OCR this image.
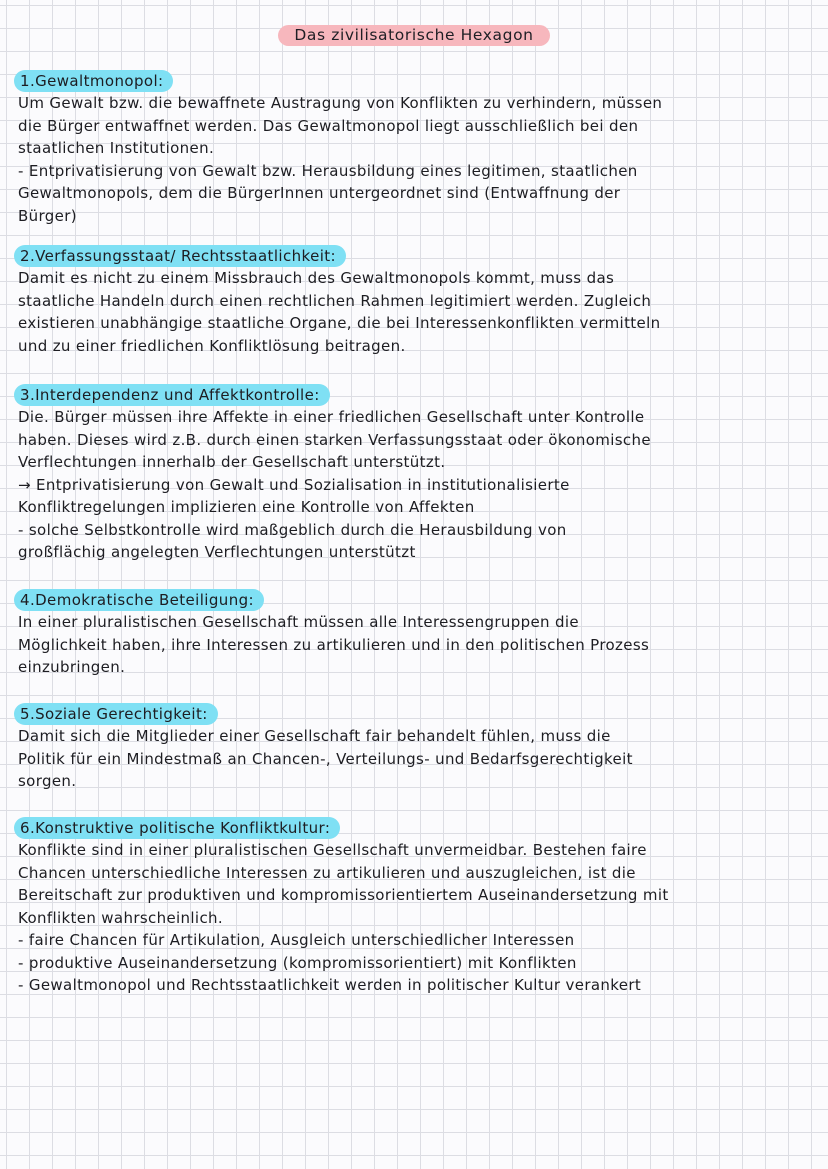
Das zivilisatorische Hexagon
1.Gewaltmonopol:
Um Gewalt bzw. die bewaffnete Austragung von Konflikten zu verhindern, müssen
die Bürger entwaffnet werden. Das Gewaltmonopol liegt ausschließlich bei den
staatlichen Institutionen.
- Entprivatisierung von Gewalt bzw. Herausbildung eines legitimen, staatlichen
Gewaltmonopols, dem die BürgerInnen untergeordnet sind (Entwaffnung der
Bürger)
2.Verfassungsstaat/ Rechtsstaatlichkeit:
Damit es nicht zu einem Missbrauch des Gewaltmonopols kommt, muss das
staatliche Handeln durch einen rechtlichen Rahmen legitimiert werden. Zugleich
existieren unabhängige staatliche Organe, die bei Interessenkonflikten vermitteln
und zu einer friedlichen Konfliktlösung beitragen.
3.Interdependenz und Affektkontrolle:
Die. Bürger müssen ihre Affekte in einer friedlichen Gesellschaft unter Kontrolle
haben. Dieses wird z.B. durch einen starken Verfassungsstaat oder ökonomische
Verflechtungen innerhalb der Gesellschaft unterstützt.
→ Entprivatisierung von Gewalt und Sozialisation in institutionalisierte
Konfliktregelungen implizieren eine Kontrolle von Affekten
- solche Selbstkontrolle wird maßgeblich durch die Herausbildung von
großflächig angelegten Verflechtungen unterstützt
4.Demokratische Beteiligung:
In einer pluralistischen Gesellschaft müssen alle Interessengruppen die
Möglichkeit haben, ihre Interessen zu artikulieren und in den politischen Prozess
einzubringen.
5.Soziale Gerechtigkeit:
Damit sich die Mitglieder einer Gesellschaft fair behandelt fühlen, muss die
Politik für ein Mindestmaß an Chancen-, Verteilungs- und Bedarfsgerechtigkeit
sorgen.
6.Konstruktive politische Konfliktkultur:
Konflikte sind in einer pluralistischen Gesellschaft unvermeidbar. Bestehen faire
Chancen unterschiedliche Interessen zu artikulieren und auszugleichen, ist die
Bereitschaft zur produktiven und kompromissorientiertem Auseinandersetzung mit
Konflikten wahrscheinlich.
- faire Chancen für Artikulation, Ausgleich unterschiedlicher Interessen
- produktive Auseinandersetzung (kompromissorientiert) mit Konflikten
- Gewaltmonopol und Rechtsstaatlichkeit werden in politischer Kultur verankert
